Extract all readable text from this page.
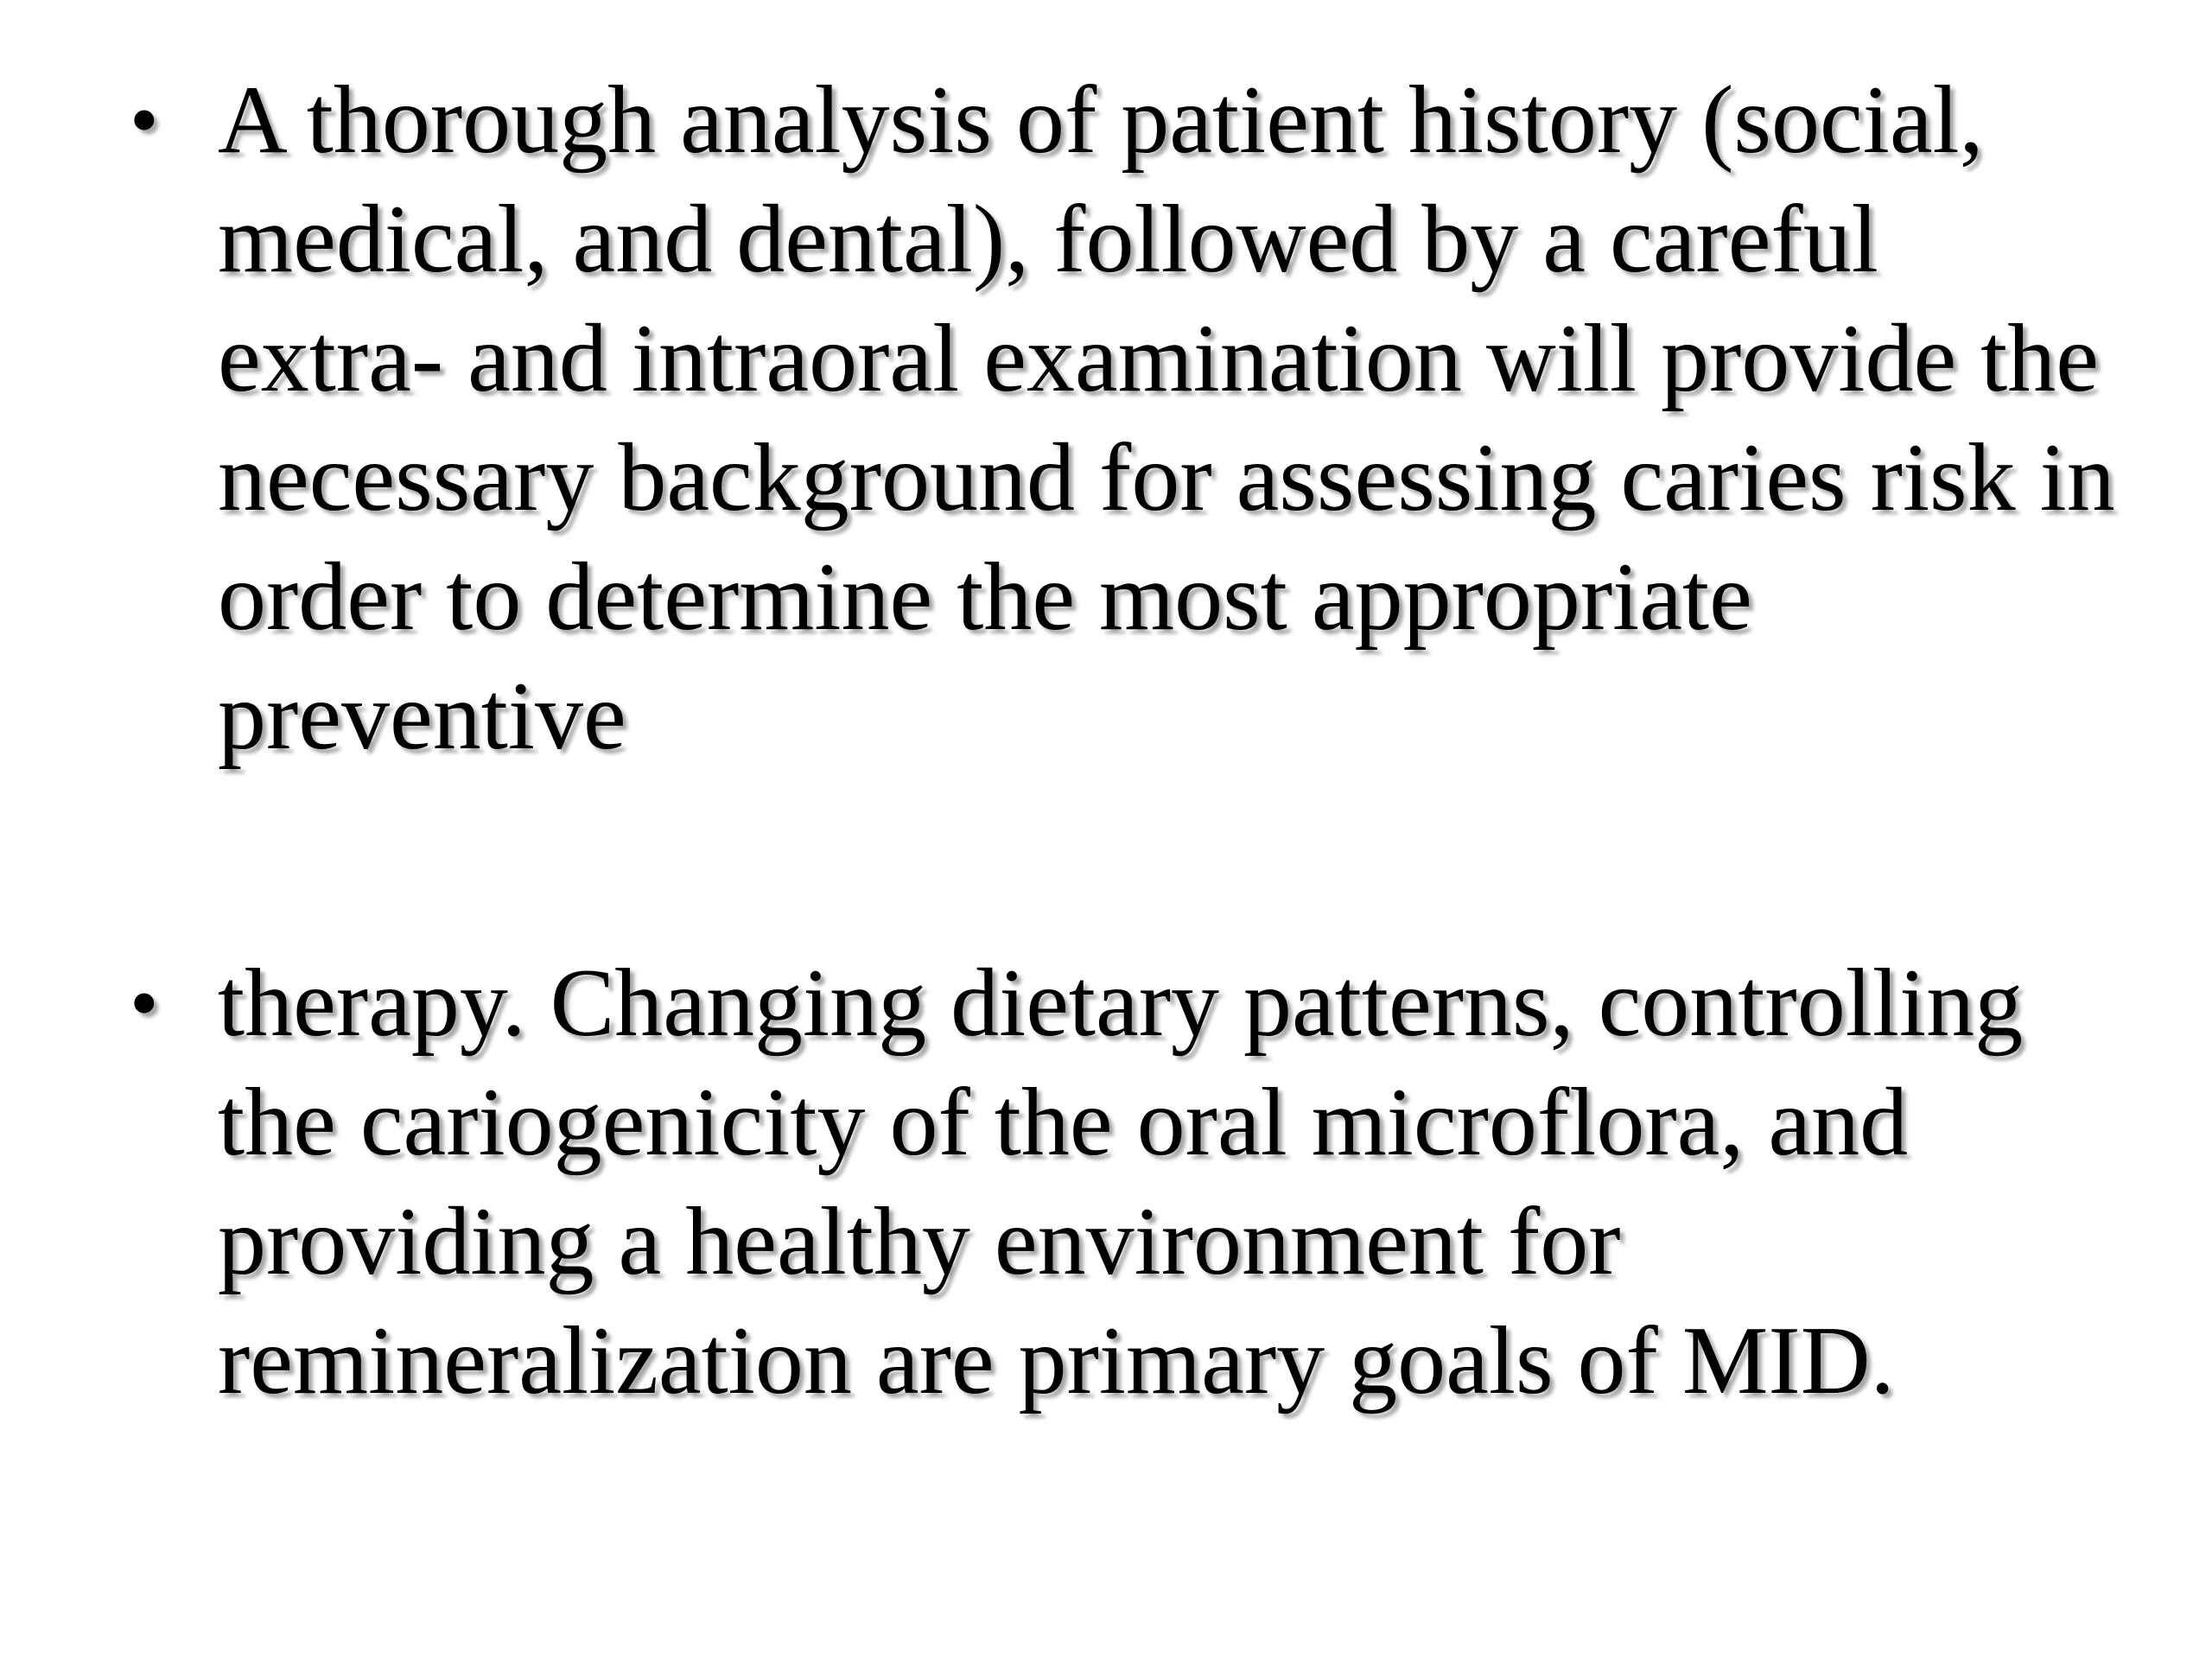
• A thorough analysis of patient history (social, medical, and dental), followed by a careful extra- and intraoral examination will provide the necessary background for assessing caries risk in order to determine the most appropriate preventive
• therapy. Changing dietary patterns, controlling the cariogenicity of the oral microflora, and providing a healthy environment for remineralization are primary goals of MID.
